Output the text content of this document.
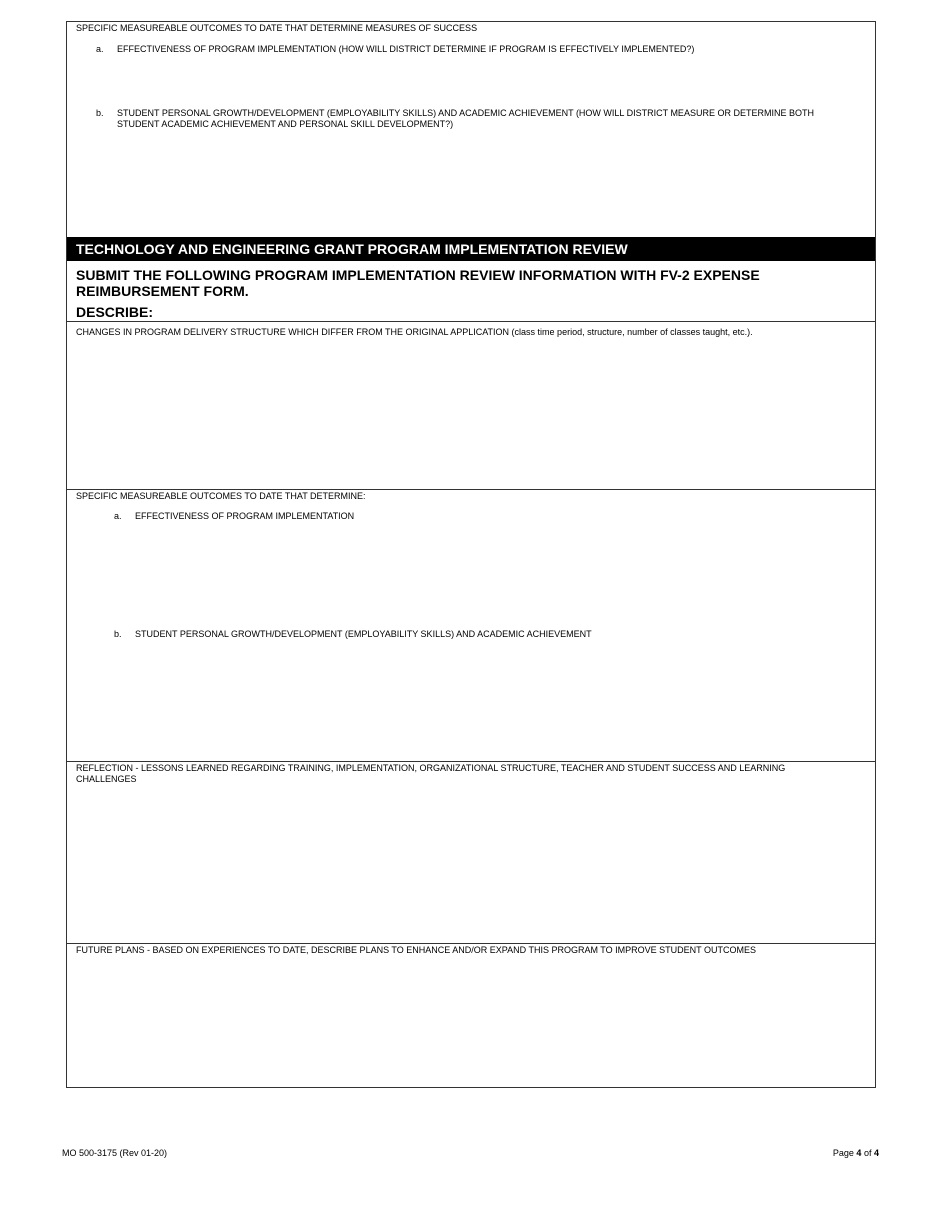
SPECIFIC MEASUREABLE OUTCOMES TO DATE THAT DETERMINE MEASURES OF SUCCESS
a. EFFECTIVENESS OF PROGRAM IMPLEMENTATION (HOW WILL DISTRICT DETERMINE IF PROGRAM IS EFFECTIVELY IMPLEMENTED?)
b. STUDENT PERSONAL GROWTH/DEVELOPMENT (EMPLOYABILITY SKILLS) AND ACADEMIC ACHIEVEMENT (HOW WILL DISTRICT MEASURE OR DETERMINE BOTH STUDENT ACADEMIC ACHIEVEMENT AND PERSONAL SKILL DEVELOPMENT?)
TECHNOLOGY AND ENGINEERING GRANT PROGRAM IMPLEMENTATION REVIEW
SUBMIT THE FOLLOWING PROGRAM IMPLEMENTATION REVIEW INFORMATION WITH FV-2 EXPENSE REIMBURSEMENT FORM.
DESCRIBE:
CHANGES IN PROGRAM DELIVERY STRUCTURE WHICH DIFFER FROM THE ORIGINAL APPLICATION (class time period, structure, number of classes taught, etc.).
SPECIFIC MEASUREABLE OUTCOMES TO DATE THAT DETERMINE:
a. EFFECTIVENESS OF PROGRAM IMPLEMENTATION
b. STUDENT PERSONAL GROWTH/DEVELOPMENT (EMPLOYABILITY SKILLS) AND ACADEMIC ACHIEVEMENT
REFLECTION - LESSONS LEARNED REGARDING TRAINING, IMPLEMENTATION, ORGANIZATIONAL STRUCTURE, TEACHER AND STUDENT SUCCESS AND LEARNING CHALLENGES
FUTURE PLANS - BASED ON EXPERIENCES TO DATE, DESCRIBE PLANS TO ENHANCE AND/OR EXPAND THIS PROGRAM TO IMPROVE STUDENT OUTCOMES
MO 500-3175 (Rev 01-20)	Page 4 of 4
